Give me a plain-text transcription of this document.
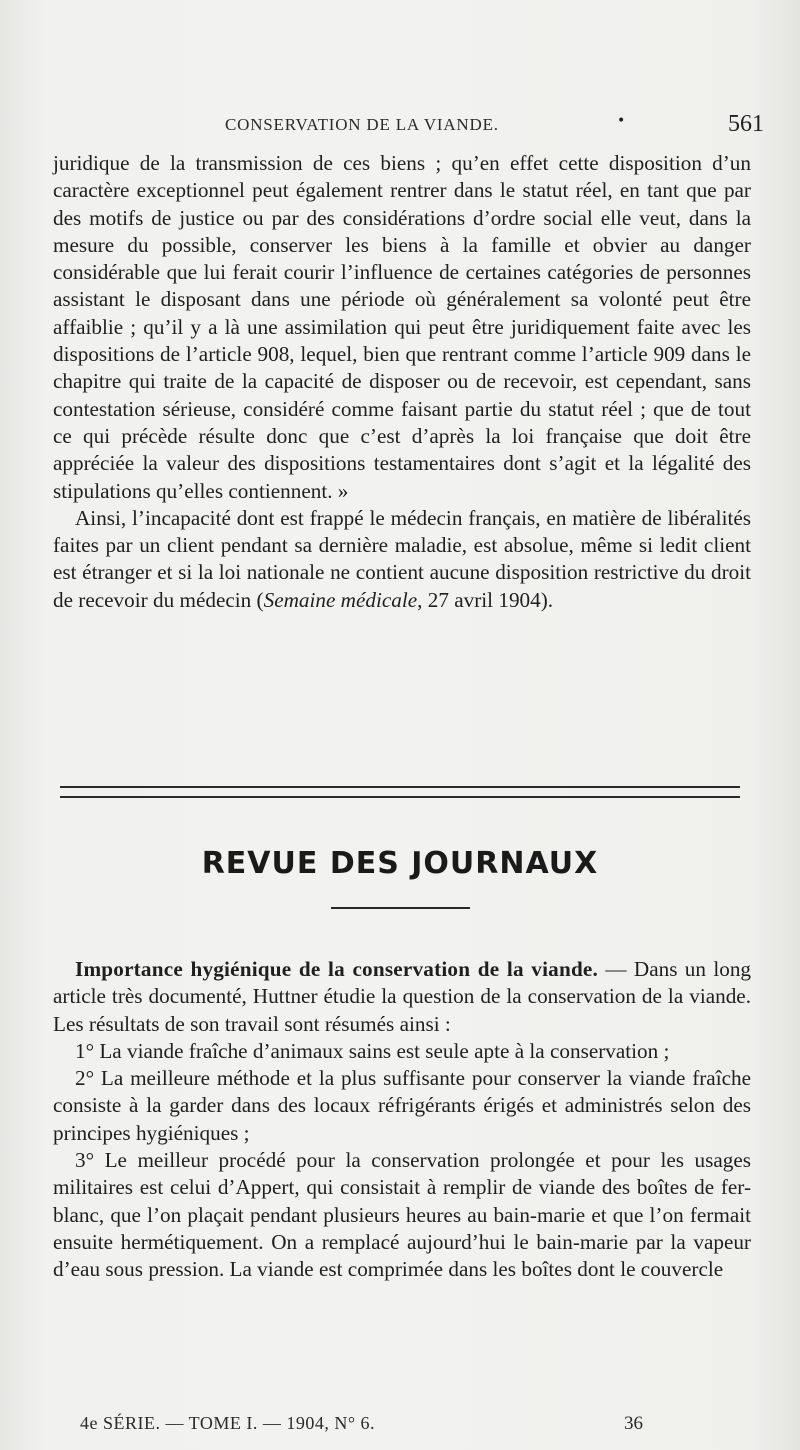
CONSERVATION DE LA VIANDE.	•	561

juridique de la transmission de ces biens ; qu’en effet cette disposition d’un caractère exceptionnel peut également rentrer dans le statut réel, en tant que par des motifs de justice ou par des considérations d’ordre social elle veut, dans la mesure du possible, conserver les biens à la famille et obvier au danger considérable que lui ferait courir l’influence de certaines catégories de personnes assistant le disposant dans une période où généralement sa volonté peut être affaiblie ; qu’il y a là une assimilation qui peut être juridiquement faite avec les dispositions de l’article 908, lequel, bien que rentrant comme l’article 909 dans le chapitre qui traite de la capacité de disposer ou de recevoir, est cependant, sans contestation sérieuse, considéré comme faisant partie du statut réel ; que de tout ce qui précède résulte donc que c’est d’après la loi française que doit être appréciée la valeur des dispositions testamentaires dont s’agit et la légalité des stipulations qu’elles contiennent. »

Ainsi, l’incapacité dont est frappé le médecin français, en matière de libéralités faites par un client pendant sa dernière maladie, est absolue, même si ledit client est étranger et si la loi nationale ne contient aucune disposition restrictive du droit de recevoir du médecin (Semaine médicale, 27 avril 1904).

REVUE DES JOURNAUX

Importance hygiénique de la conservation de la viande. — Dans un long article très documenté, Huttner étudie la question de la conservation de la viande. Les résultats de son travail sont résumés ainsi :

1° La viande fraîche d’animaux sains est seule apte à la conservation ;

2° La meilleure méthode et la plus suffisante pour conserver la viande fraîche consiste à la garder dans des locaux réfrigérants érigés et administrés selon des principes hygiéniques ;

3° Le meilleur procédé pour la conservation prolongée et pour les usages militaires est celui d’Appert, qui consistait à remplir de viande des boîtes de fer-blanc, que l’on plaçait pendant plusieurs heures au bain-marie et que l’on fermait ensuite hermétiquement. On a remplacé aujourd’hui le bain-marie par la vapeur d’eau sous pression. La viande est comprimée dans les boîtes dont le couvercle

4e SÉRIE. — TOME I. — 1904, N° 6.	36
